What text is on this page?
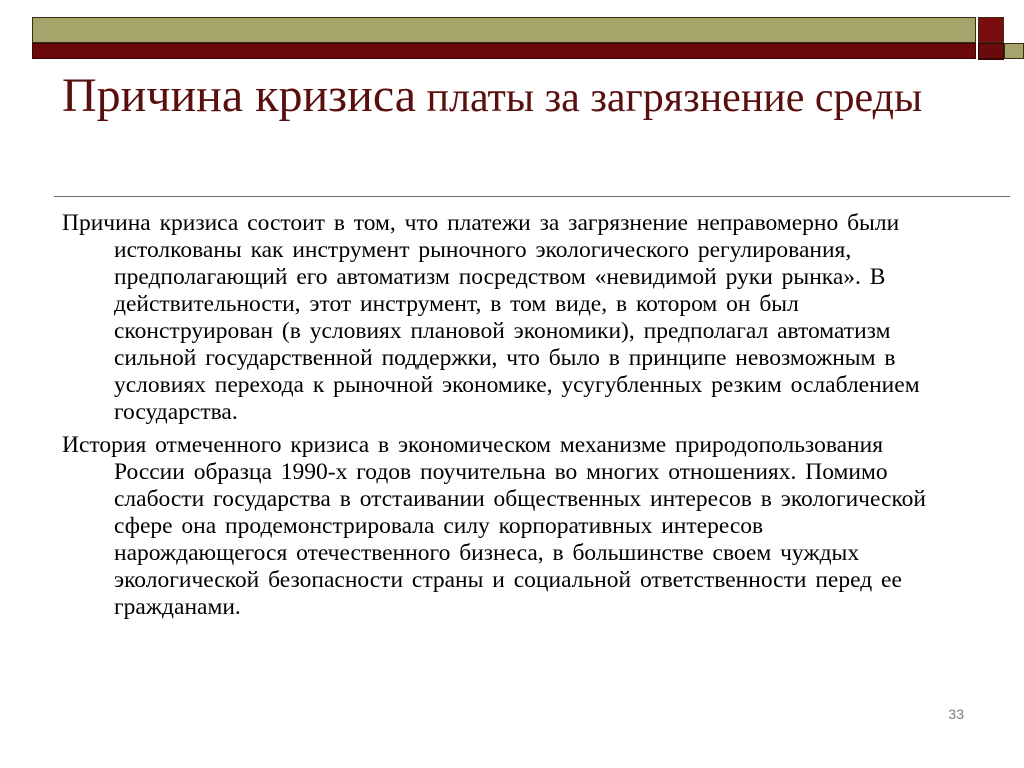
Причина кризиса платы за загрязнение среды

Причина кризиса состоит в том, что платежи за загрязнение неправомерно были истолкованы как инструмент рыночного экологического регулирования, предполагающий его автоматизм посредством «невидимой руки рынка». В действительности, этот инструмент, в том виде, в котором он был сконструирован (в условиях плановой экономики), предполагал автоматизм сильной государственной поддержки, что было в принципе невозможным в условиях перехода к рыночной экономике, усугубленных резким ослаблением государства.

История отмеченного кризиса в экономическом механизме природопользования России образца 1990-х годов поучительна во многих отношениях. Помимо слабости государства в отстаивании общественных интересов в экологической сфере она продемонстрировала силу корпоративных интересов нарождающегося отечественного бизнеса, в большинстве своем чуждых экологической безопасности страны и социальной ответственности перед ее гражданами.

33
